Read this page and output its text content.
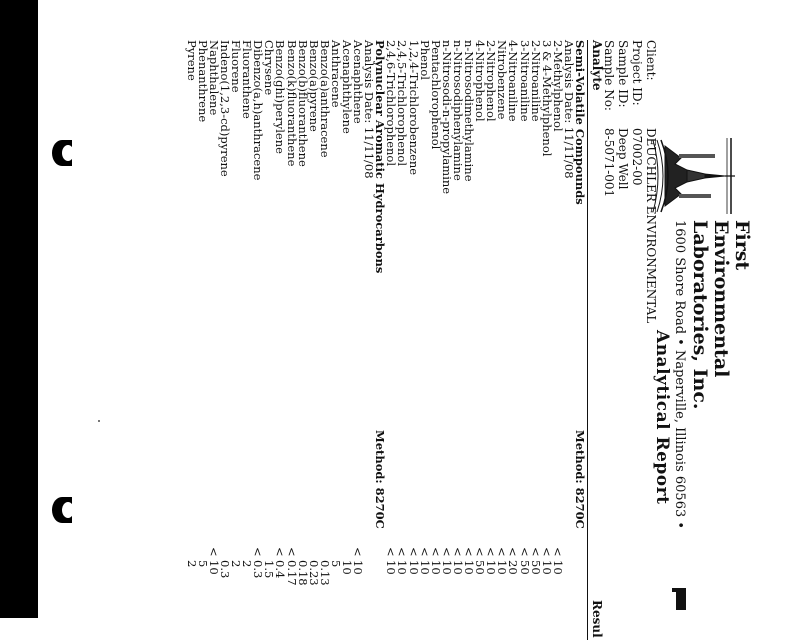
First
Environmental
Laboratories, Inc.
1600 Shore Road • Naperville, Illinois 60563 •
Analytical Report
Client:
DEUCHLER ENVIRONMENTAL
Project ID:
07002-00
Sample ID:
Deep Well
Sample No:
8-5071-001
Analyte
Resul
Semi-Volatile Compounds
Method: 8270C
Analysis Date: 11/11/08
2-Methylphenol
<
10
3 & 4-Methylphenol
<
10
2-Nitroaniline
<
50
3-Nitroaniline
<
50
4-Nitroaniline
<
20
Nitrobenzene
<
10
2-Nitrophenol
<
10
4-Nitrophenol
<
50
n-Nitrosodimethylamine
<
10
n-Nitrosodiphenylamine
<
10
n-Nitrosodi-n-propylamine
<
10
Pentachlorophenol
<
10
Phenol
<
10
1,2,4-Trichlorobenzene
<
10
2,4,5-Trichlorophenol
<
10
2,4,6-Trichlorophenol
<
10
Polynuclear Aromatic Hydrocarbons
Method: 8270C
Analysis Date: 11/11/08
Acenaphthene
<
10
Acenaphthylene
10
Anthracene
5
Benzo(a)anthracene
0.13
Benzo(a)pyrene
0.23
Benzo(b)fluoranthene
0.18
Benzo(k)fluoranthene
<
0.17
Benzo(ghi)perylene
<
0.4
Chrysene
1.5
Dibenzo(a,h)anthracene
<
0.3
Fluoranthene
2
Fluorene
2
Indeno(1,2,3-cd)pyrene
0.3
Naphthalene
<
10
Phenanthrene
5
Pyrene
2
